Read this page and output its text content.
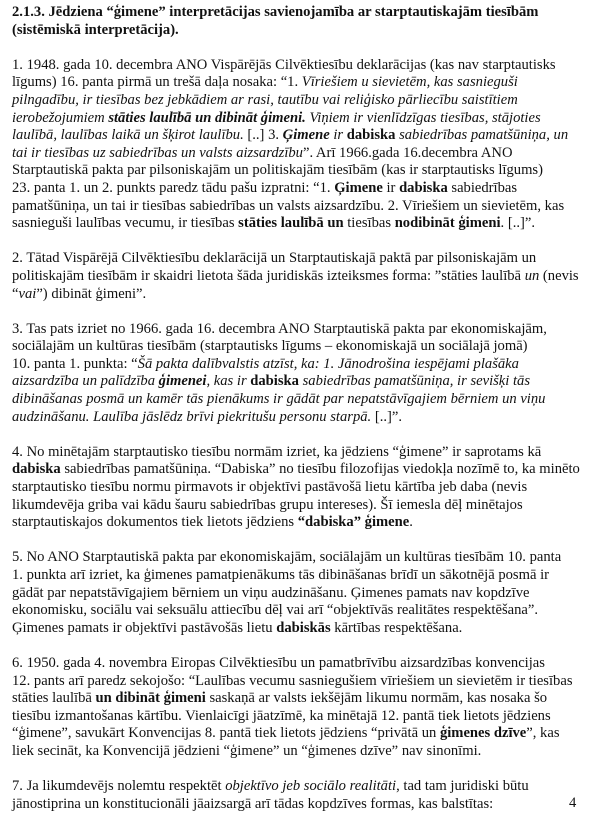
2.1.3. Jēdziena “ģimene” interpretācijas savienojamība ar starptautiskajām tiesībām
(sistēmiskā interpretācija).
1. 1948. gada 10. decembra ANO Vispārējās Cilvēktiesību deklarācijas (kas nav starptautisks
līgums) 16. panta pirmā un trešā daļa nosaka: “1. Vīriešiem u sievietēm, kas sasnieguši
pilngadību, ir tiesības bez jebkādiem ar rasi, tautību vai reliģisko pārliecību saistītiem
ierobežojumiem stāties laulībā un dibināt ģimeni. Viņiem ir vienlīdzīgas tiesības, stājoties
laulībā, laulības laikā un šķirot laulību. [..] 3. Ģimene ir dabiska sabiedrības pamatšūniņa, un
tai ir tiesības uz sabiedrības un valsts aizsardzību”. Arī 1966.gada 16.decembra ANO
Starptautiskā pakta par pilsoniskajām un politiskajām tiesībām (kas ir starptautisks līgums)
23. panta 1. un 2. punkts paredz tādu pašu izpratni: “1. Ģimene ir dabiska sabiedrības
pamatšūniņa, un tai ir tiesības sabiedrības un valsts aizsardzību. 2. Vīriešiem un sievietēm, kas
sasnieguši laulības vecumu, ir tiesības stāties laulībā un tiesības nodibināt ģimeni. [..]”.
2. Tātad Vispārējā Cilvēktiesību deklarācijā un Starptautiskajā paktā par pilsoniskajām un
politiskajām tiesībām ir skaidri lietota šāda juridiskās izteiksmes forma: ”stāties laulībā un (nevis
“vai”) dibināt ģimeni”.
3. Tas pats izriet no 1966. gada 16. decembra ANO Starptautiskā pakta par ekonomiskajām,
sociālajām un kultūras tiesībām (starptautisks līgums – ekonomiskajā un sociālajā jomā)
10. panta 1. punkta: “Šā pakta dalībvalstis atzīst, ka: 1. Jānodrošina iespējami plašāka
aizsardzība un palīdzība ģimenei, kas ir dabiska sabiedrības pamatšūniņa, ir sevišķi tās
dibināšanas posmā un kamēr tās pienākums ir gādāt par nepatstāvīgajiem bērniem un viņu
audzināšanu. Laulība jāslēdz brīvi piekritušu personu starpā. [..]”.
4. No minētajām starptautisko tiesību normām izriet, ka jēdziens “ģimene” ir saprotams kā
dabiska sabiedrības pamatšūniņa. “Dabiska” no tiesību filozofijas viedokļa nozīmē to, ka minēto
starptautisko tiesību normu pirmavots ir objektīvi pastāvošā lietu kārtība jeb daba (nevis
likumdevēja griba vai kādu šauru sabiedrības grupu intereses). Šī iemesla dēļ minētajos
starptautiskajos dokumentos tiek lietots jēdziens “dabiska” ģimene.
5. No ANO Starptautiskā pakta par ekonomiskajām, sociālajām un kultūras tiesībām 10. panta
1. punkta arī izriet, ka ģimenes pamatpienākums tās dibināšanas brīdī un sākotnējā posmā ir
gādāt par nepatstāvīgajiem bērniem un viņu audzināšanu. Ģimenes pamats nav kopdzīve
ekonomisku, sociālu vai seksuālu attiecību dēļ vai arī “objektīvās realitātes respektēšana”.
Ģimenes pamats ir objektīvi pastāvošās lietu dabiskās kārtības respektēšana.
6. 1950. gada 4. novembra Eiropas Cilvēktiesību un pamatbrīvību aizsardzības konvencijas
12. pants arī paredz sekojošo: “Laulības vecumu sasniegušiem vīriešiem un sievietēm ir tiesības
stāties laulībā un dibināt ģimeni saskaņā ar valsts iekšējām likumu normām, kas nosaka šo
tiesību izmantošanas kārtību. Vienlaicīgi jāatzīmē, ka minētajā 12. pantā tiek lietots jēdziens
“ģimene”, savukārt Konvencijas 8. pantā tiek lietots jēdziens “privātā un ģimenes dzīve”, kas
liek secināt, ka Konvencijā jēdzieni “ģimene” un “ģimenes dzīve” nav sinonīmi.
7. Ja likumdevējs nolemtu respektēt objektīvo jeb sociālo realitāti, tad tam juridiski būtu
jānostiprina un konstitucionāli jāaizsargā arī tādas kopdzīves formas, kas balstītas:	4
